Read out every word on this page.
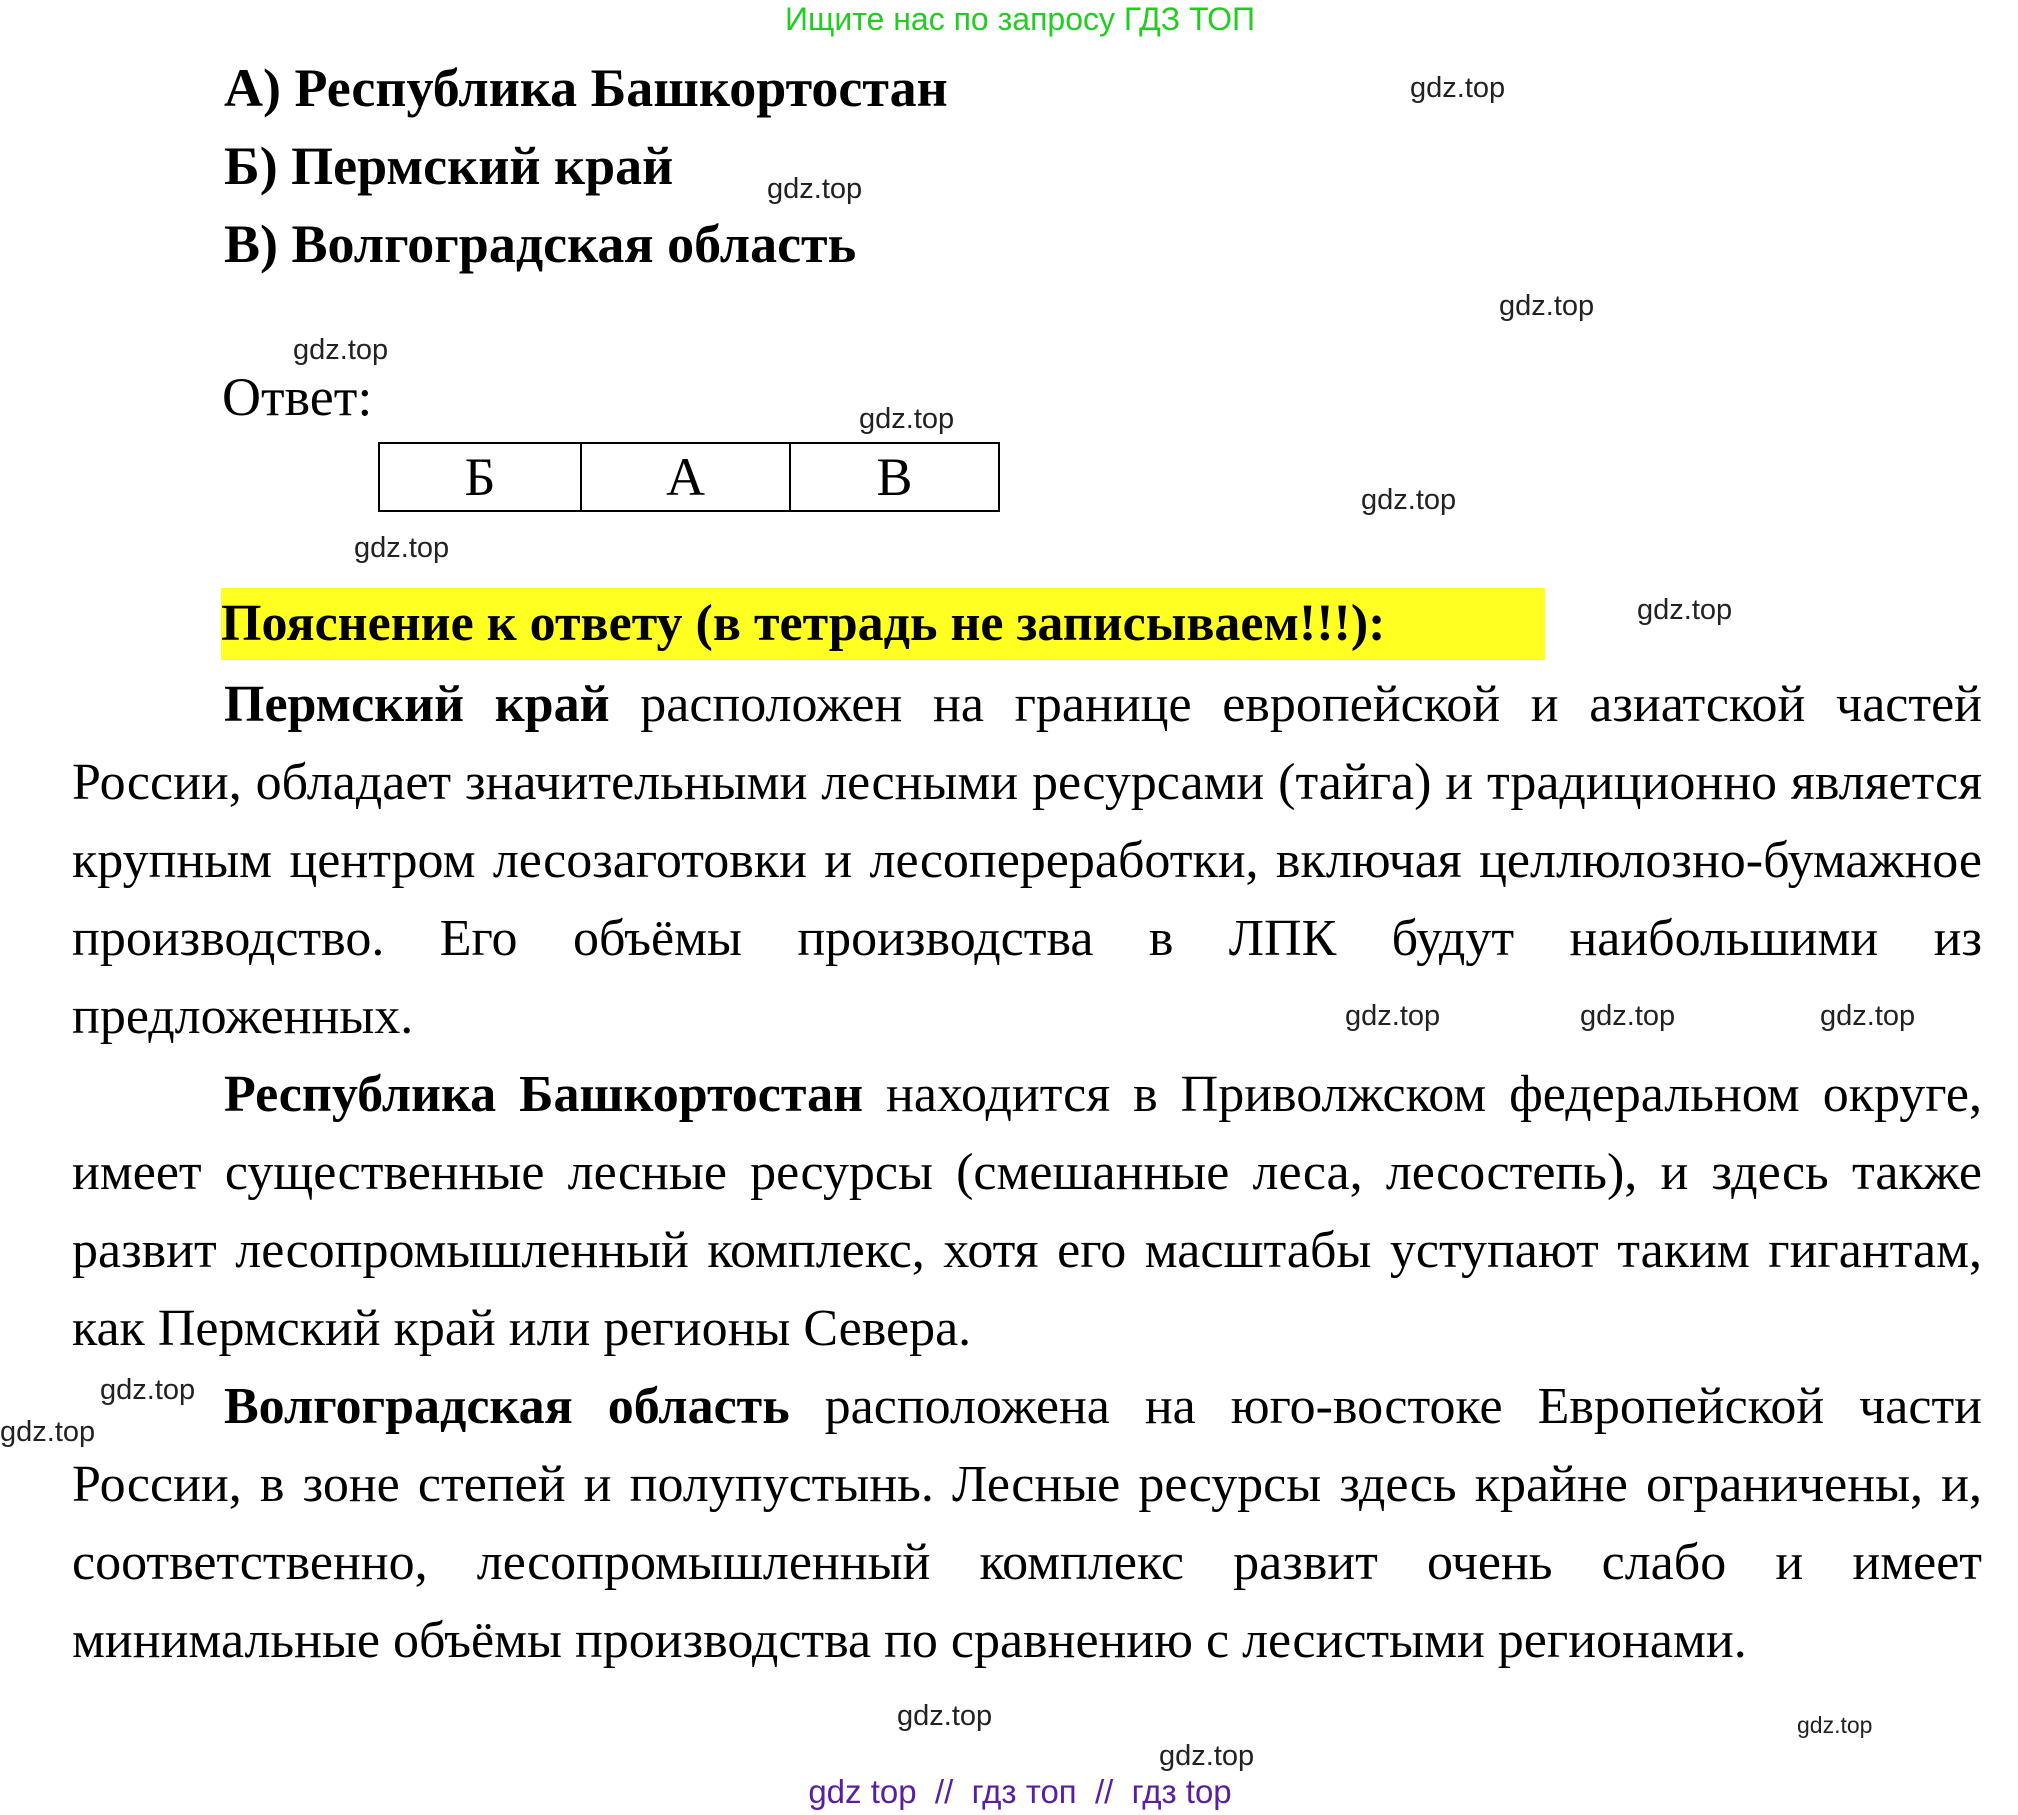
Ищите нас по запросу ГДЗ ТОП
А) Республика Башкортостан
Б) Пермский край
В) Волгоградская область
Ответ:
Б	А	В
Пояснение к ответу (в тетрадь не записываем!!!):

Пермский край расположен на границе европейской и азиатской частей России, обладает значительными лесными ресурсами (тайга) и традиционно является крупным центром лесозаготовки и лесопереработки, включая целлюлозно-бумажное производство. Его объёмы производства в ЛПК будут наибольшими из предложенных.

Республика Башкортостан находится в Приволжском федеральном округе, имеет существенные лесные ресурсы (смешанные леса, лесостепь), и здесь также развит лесопромышленный комплекс, хотя его масштабы уступают таким гигантам, как Пермский край или регионы Севера.

Волгоградская область расположена на юго-востоке Европейской части России, в зоне степей и полупустынь. Лесные ресурсы здесь крайне ограничены, и, соответственно, лесопромышленный комплекс развит очень слабо и имеет минимальные объёмы производства по сравнению с лесистыми регионами.

gdz.top
gdz.top
gdz.top
gdz.top
gdz.top
gdz.top
gdz.top
gdz.top
gdz.top	gdz.top
gdz.top
gdz.top
gdz.top
gdz.top
gdz.top
gdz.top
gdz top  //  гдз топ  //  гдз top
